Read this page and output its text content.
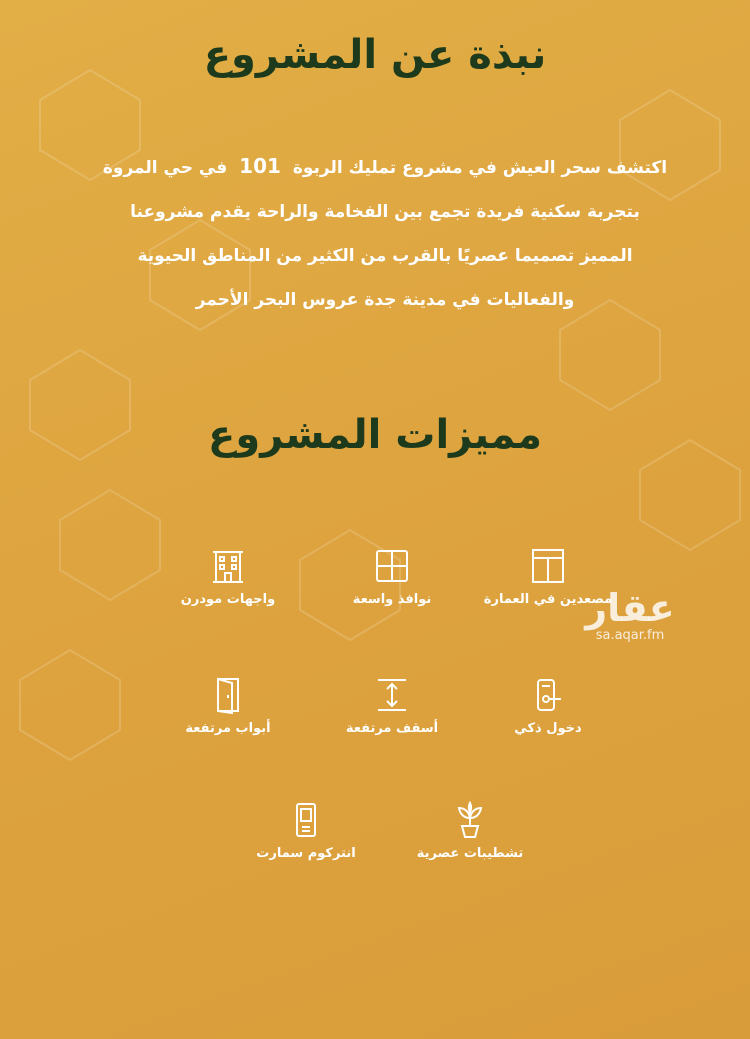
نبذة عن المشروع
اكتشف سحر العيش في مشروع تمليك الربوة 101 في حي المروة
بتجربة سكنية فريدة تجمع بين الفخامة والراحة يقدم مشروعنا
المميز تصميما عصريًا بالقرب من الكثير من المناطق الحيوية
والفعاليات في مدينة جدة عروس البحر الأحمر
مميزات المشروع
مصعدين في العمارة
نوافذ واسعة
واجهات مودرن
دخول ذكي
أسقف مرتفعة
أبواب مرتفعة
تشطيبات عصرية
انتركوم سمارت
عقار
sa.aqar.fm
